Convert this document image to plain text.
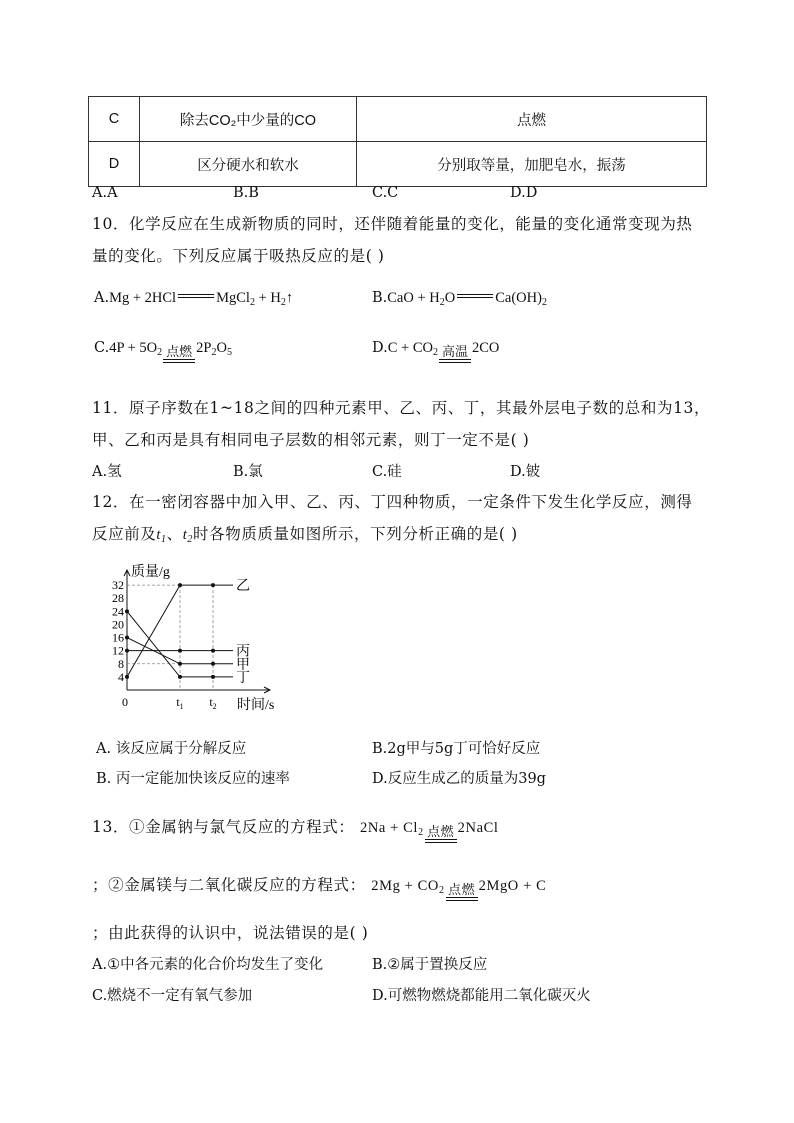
C	除去CO₂中少量的CO	点燃
D	区分硬水和软水	分别取等量，加肥皂水，振荡
A.A	B.B	C.C	D.D
10．化学反应在生成新物质的同时，还伴随着能量的变化，能量的变化通常变现为热
量的变化。下列反应属于吸热反应的是( )
A.Mg + 2HCl	MgCl$_2$ + $H_2↑$	$B.CaO + H_2O$	$Ca(OH)_2$
$C.4P + 5O_2$ 点燃 $2P_2O_5$	$D.C + CO_2$ 高温 2CO
11．原子序数在1~18之间的四种元素甲、乙、丙、丁，其最外层电子数的总和为13，
甲、乙和丙是具有相同电子层数的相邻元素，则丁一定不是( )
A.氢	B.氯	C.硅	D.铍
12．在一密闭容器中加入甲、乙、丙、丁四种物质，一定条件下发生化学反应，测得
反应前及$t_1$、$t_2$时各物质质量如图所示，下列分析正确的是( )
质量/g
时间/s
4
8
12
16
20
24
28
32
0	$t_1$ $t_2$
乙
丙
甲
丁
A. 该反应属于分解反应	B.2g甲与5g丁可恰好反应
B. 丙一定能加快该反应的速率	D.反应生成乙的质量为39g
13．①金属钠与氯气反应的方程式： $2Na + Cl_2$ 点燃 2NaCl
；②金属镁与二氧化碳反应的方程式： $2Mg + CO_2$ 点燃 2MgO + C
；由此获得的认识中，说法错误的是( )
A.①中各元素的化合价均发生了变化	B.②属于置换反应
C.燃烧不一定有氧气参加	D.可燃物燃烧都能用二氧化碳灭火
